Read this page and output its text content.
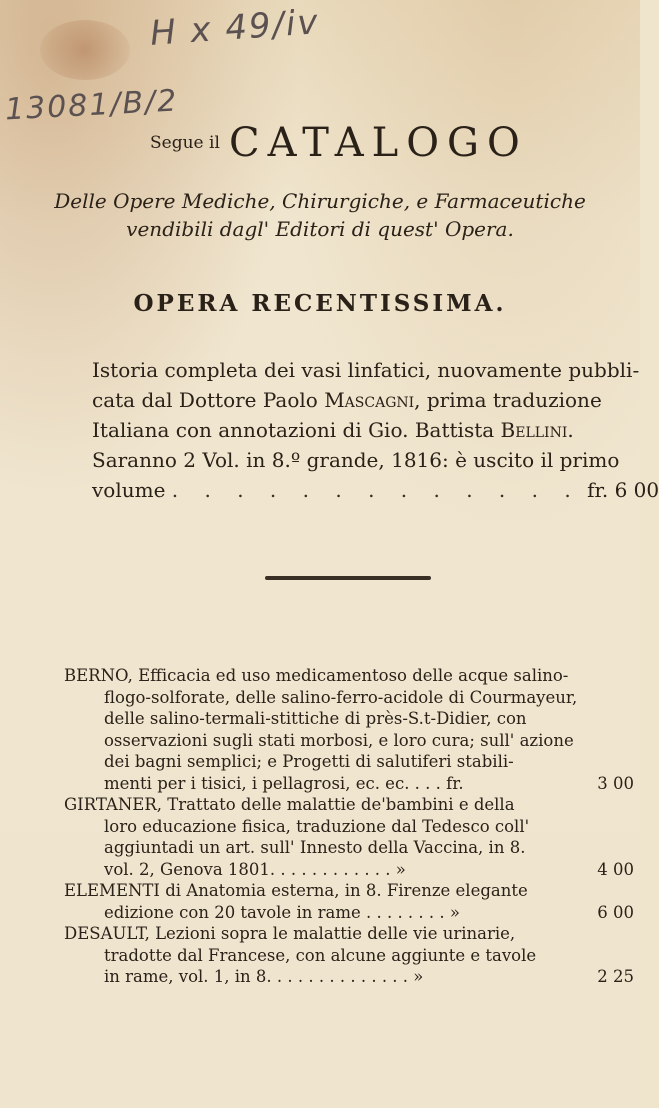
H x 49/iv
13081/B/2
Segue il CATALOGO
Delle Opere Mediche, Chirurgiche, e Farmaceutiche
vendibili dagl' Editori di quest' Opera.
OPERA RECENTISSIMA.
Istoria completa dei vasi linfatici, nuovamente pubbli-
cata dal Dottore Paolo Mascagni, prima traduzione
Italiana con annotazioni di Gio. Battista Bellini.
Saranno 2 Vol. in 8.º grande, 1816: è uscito il primo
volume . . . . . . . . . . . . . fr. 6 00
BERNO, Efficacia ed uso medicamentoso delle acque salino-
flogo-solforate, delle salino-ferro-acidole di Courmayeur,
delle salino-termali-stittiche di près-S.t-Didier, con
osservazioni sugli stati morbosi, e loro cura; sull' azione
dei bagni semplici; e Progetti di salutiferi stabili-
menti per i tisici, i pellagrosi, ec. ec. . . . fr.	3 00
GIRTANER, Trattato delle malattie de'bambini e della
loro educazione fisica, traduzione dal Tedesco coll'
aggiuntadi un art. sull' Innesto della Vaccina, in 8.
vol. 2, Genova 1801. . . . . . . . . . . . »	4 00
ELEMENTI di Anatomia esterna, in 8. Firenze elegante
edizione con 20 tavole in rame . . . . . . . . »	6 00
DESAULT, Lezioni sopra le malattie delle vie urinarie,
tradotte dal Francese, con alcune aggiunte e tavole
in rame, vol. 1, in 8. . . . . . . . . . . . . . »	2 25
